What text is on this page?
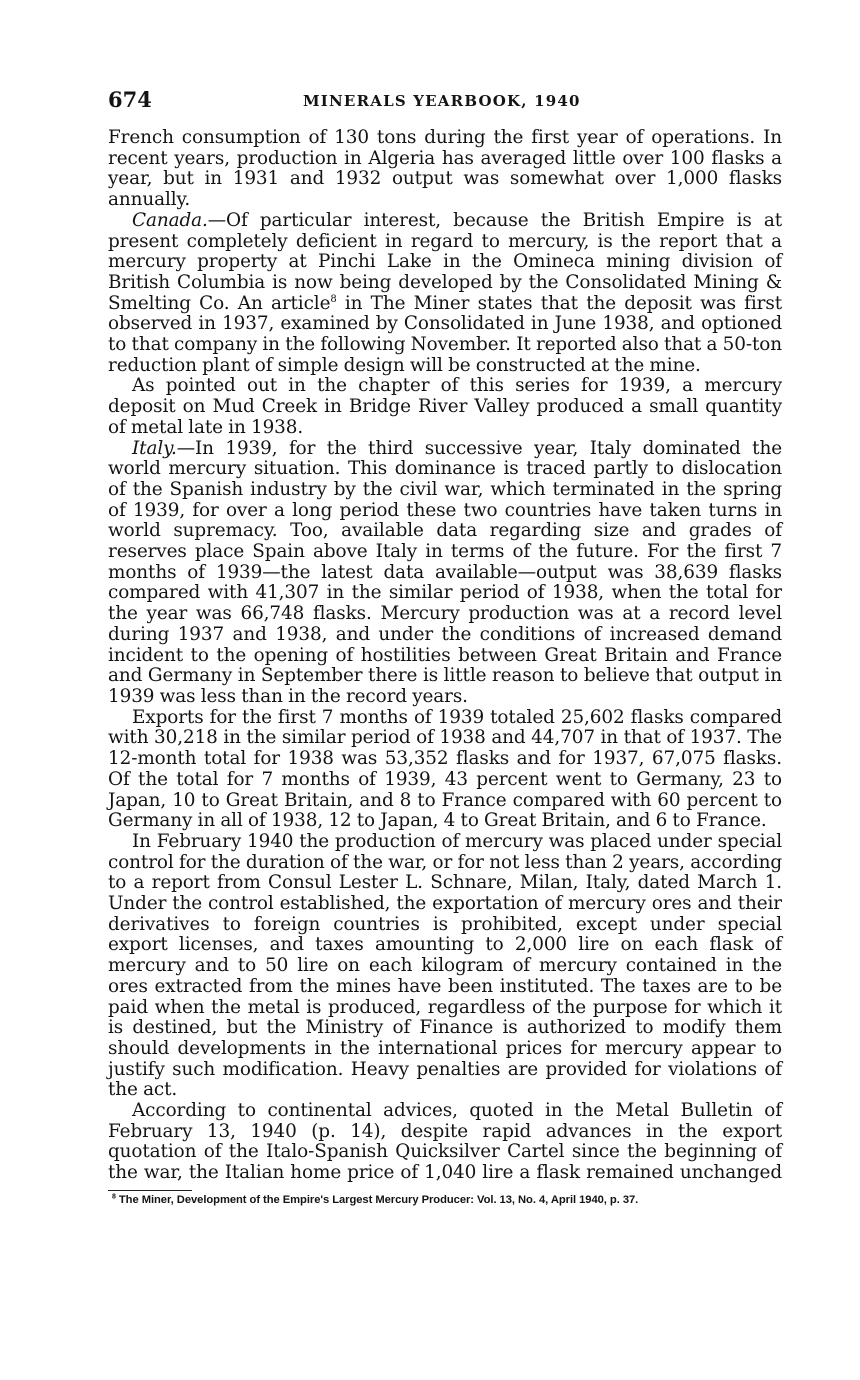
674	MINERALS YEARBOOK, 1940

French consumption of 130 tons during the first year of operations. In recent years, production in Algeria has averaged little over 100 flasks a year, but in 1931 and 1932 output was somewhat over 1,000 flasks annually.

Canada.—Of particular interest, because the British Empire is at present completely deficient in regard to mercury, is the report that a mercury property at Pinchi Lake in the Omineca mining division of British Columbia is now being developed by the Consolidated Mining & Smelting Co. An article$^8$ in The Miner states that the deposit was first observed in 1937, examined by Consolidated in June 1938, and optioned to that company in the following November. It reported also that a 50-ton reduction plant of simple design will be constructed at the mine.

As pointed out in the chapter of this series for 1939, a mercury deposit on Mud Creek in Bridge River Valley produced a small quantity of metal late in 1938.

Italy.—In 1939, for the third successive year, Italy dominated the world mercury situation. This dominance is traced partly to dislocation of the Spanish industry by the civil war, which terminated in the spring of 1939, for over a long period these two countries have taken turns in world supremacy. Too, available data regarding size and grades of reserves place Spain above Italy in terms of the future. For the first 7 months of 1939—the latest data available—output was 38,639 flasks compared with 41,307 in the similar period of 1938, when the total for the year was 66,748 flasks. Mercury production was at a record level during 1937 and 1938, and under the conditions of increased demand incident to the opening of hostilities between Great Britain and France and Germany in September there is little reason to believe that output in 1939 was less than in the record years.

Exports for the first 7 months of 1939 totaled 25,602 flasks compared with 30,218 in the similar period of 1938 and 44,707 in that of 1937. The 12-month total for 1938 was 53,352 flasks and for 1937, 67,075 flasks. Of the total for 7 months of 1939, 43 percent went to Germany, 23 to Japan, 10 to Great Britain, and 8 to France compared with 60 percent to Germany in all of 1938, 12 to Japan, 4 to Great Britain, and 6 to France.

In February 1940 the production of mercury was placed under special control for the duration of the war, or for not less than 2 years, according to a report from Consul Lester L. Schnare, Milan, Italy, dated March 1. Under the control established, the exportation of mercury ores and their derivatives to foreign countries is prohibited, except under special export licenses, and taxes amounting to 2,000 lire on each flask of mercury and to 50 lire on each kilogram of mercury contained in the ores extracted from the mines have been instituted. The taxes are to be paid when the metal is produced, regardless of the purpose for which it is destined, but the Ministry of Finance is authorized to modify them should developments in the international prices for mercury appear to justify such modification. Heavy penalties are provided for violations of the act.

According to continental advices, quoted in the Metal Bulletin of February 13, 1940 (p. 14), despite rapid advances in the export quotation of the Italo-Spanish Quicksilver Cartel since the beginning of the war, the Italian home price of 1,040 lire a flask remained unchanged

$^8$ The Miner, Development of the Empire's Largest Mercury Producer: Vol. 13, No. 4, April 1940, p. 37.
